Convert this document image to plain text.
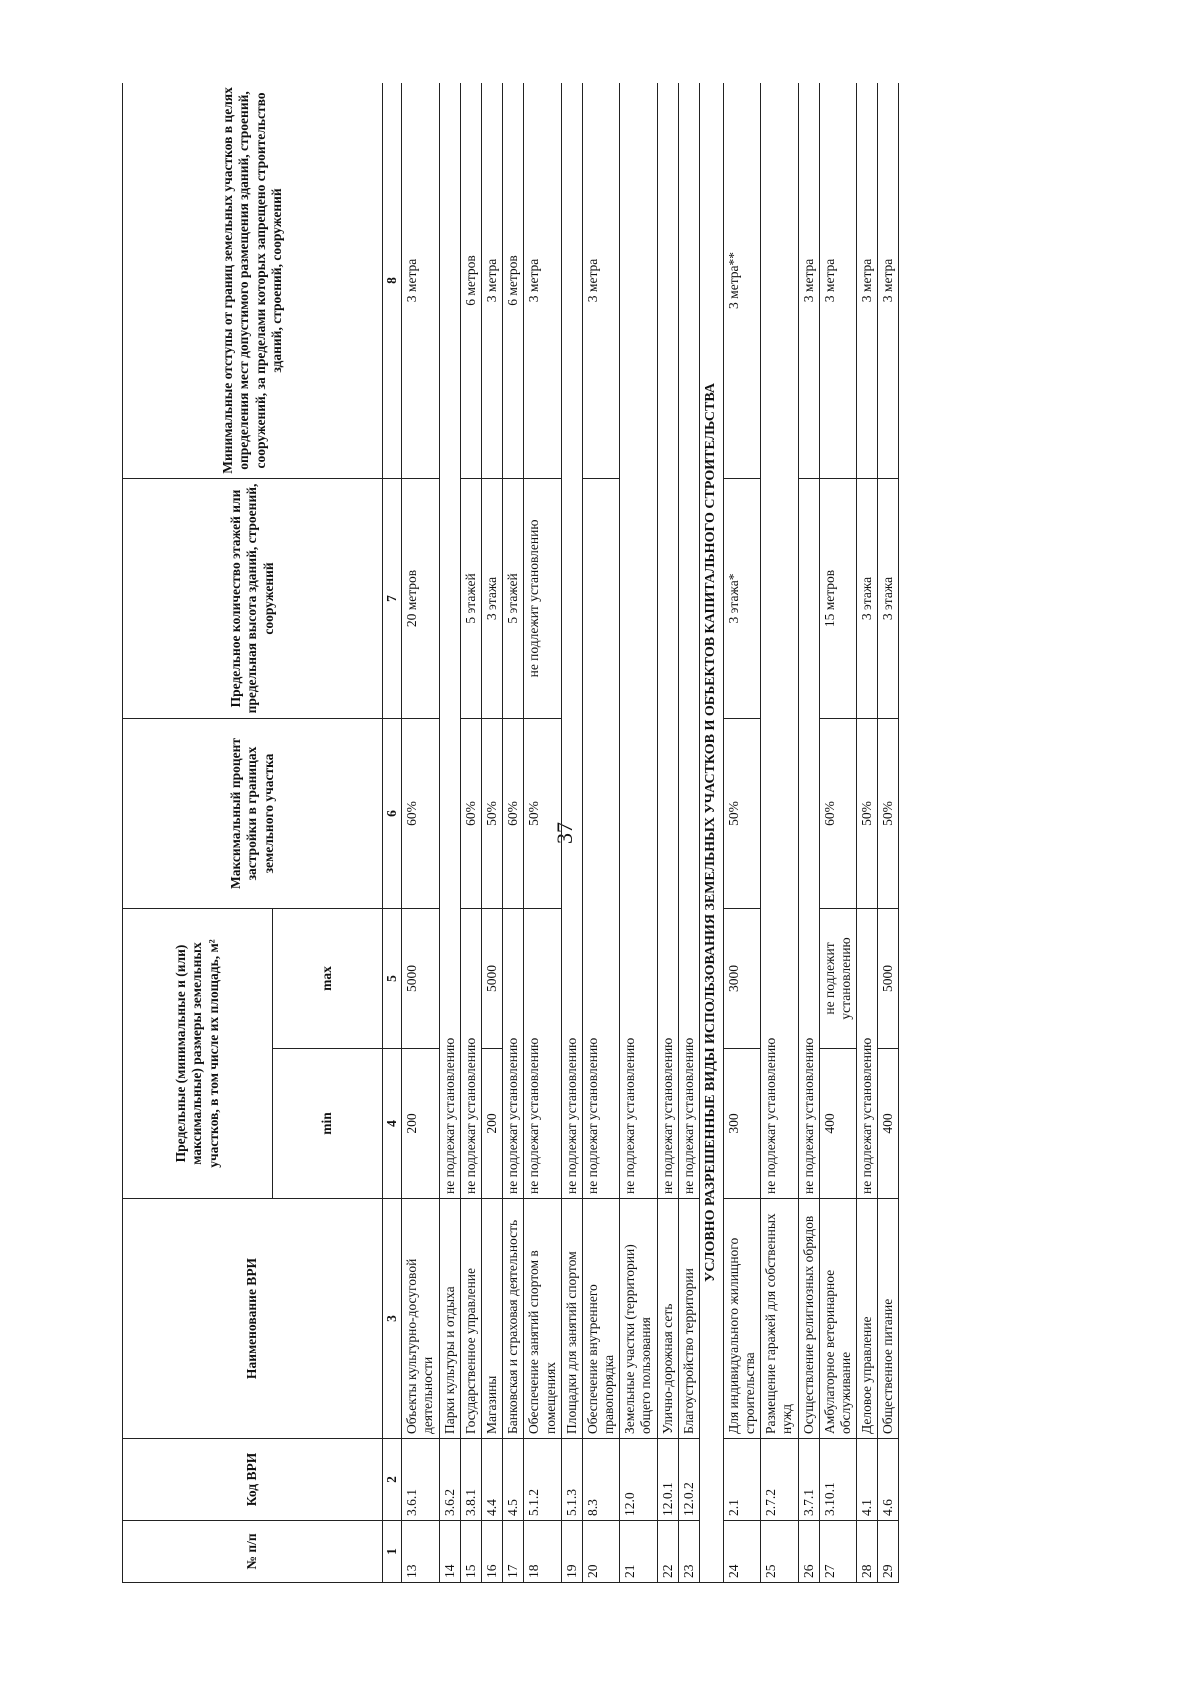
37
№ п/п	Код ВРИ	Наименование ВРИ	Предельные (минимальные и (или) максимальные) размеры земельных участков, в том числе их площадь, м²		Максимальный процент застройки в границах земельного участка	Предельное количество этажей или предельная высота зданий, строений, сооружений	Минимальные отступы от границ земельных участков в целях определения мест допустимого размещения зданий, строений, сооружений, за пределами которых запрещено строительство зданий, строений, сооружений
			min	max			
1	2	3	4	5	6	7	8
13	3.6.1	Объекты культурно-досуговой деятельности	200	5000	60%	20 метров	3 метра
14	3.6.2	Парки культуры и отдыха	не подлежат установлению				
15	3.8.1	Государственное управление	не подлежат установлению		60%	5 этажей	6 метров
16	4.4	Магазины	200	5000	50%	3 этажа	3 метра
17	4.5	Банковская и страховая деятельность	не подлежат установлению		60%	5 этажей	6 метров
18	5.1.2	Обеспечение занятий спортом в помещениях	не подлежат установлению		50%	не подлежит установлению	3 метра
19	5.1.3	Площадки для занятий спортом	не подлежат установлению				
20	8.3	Обеспечение внутреннего правопорядка	не подлежат установлению				3 метра
21	12.0	Земельные участки (территории) общего пользования	не подлежат установлению				
22	12.0.1	Улично-дорожная сеть	не подлежат установлению				
23	12.0.2	Благоустройство территории	не подлежат установлению				
УСЛОВНО РАЗРЕШЕННЫЕ ВИДЫ ИСПОЛЬЗОВАНИЯ ЗЕМЕЛЬНЫХ УЧАСТКОВ И ОБЪЕКТОВ КАПИТАЛЬНОГО СТРОИТЕЛЬСТВА							
24	2.1	Для индивидуального жилищного строительства	300	3000	50%	3 этажа*	3 метра**
25	2.7.2	Размещение гаражей для собственных нужд	не подлежат установлению				
26	3.7.1	Осуществление религиозных обрядов	не подлежат установлению				3 метра
27	3.10.1	Амбулаторное ветеринарное обслуживание	400	не подлежит установлению	60%	15 метров	3 метра
28	4.1	Деловое управление	не подлежат установлению		50%	3 этажа	3 метра
29	4.6	Общественное питание	400	5000	50%	3 этажа	3 метра
